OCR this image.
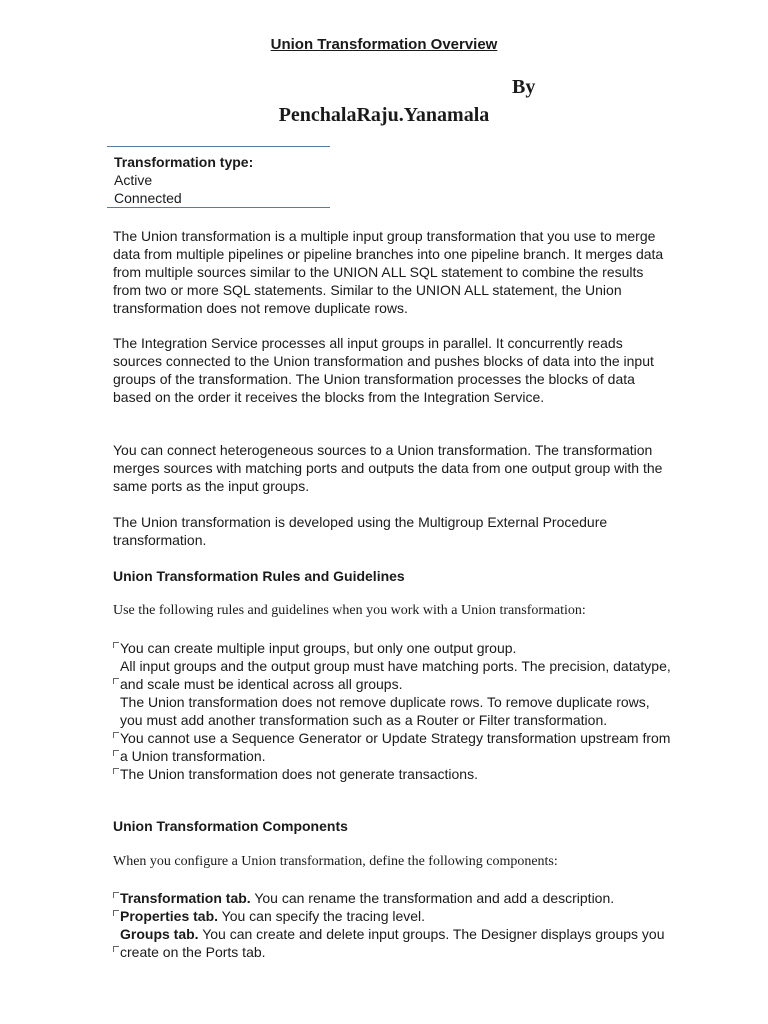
Union Transformation Overview
By
PenchalaRaju.Yanamala
Transformation type:
Active
Connected
The Union transformation is a multiple input group transformation that you use to merge data from multiple pipelines or pipeline branches into one pipeline branch. It merges data from multiple sources similar to the UNION ALL SQL statement to combine the results from two or more SQL statements. Similar to the UNION ALL statement, the Union transformation does not remove duplicate rows.
The Integration Service processes all input groups in parallel. It concurrently reads sources connected to the Union transformation and pushes blocks of data into the input groups of the transformation. The Union transformation processes the blocks of data based on the order it receives the blocks from the Integration Service.
You can connect heterogeneous sources to a Union transformation. The transformation merges sources with matching ports and outputs the data from one output group with the same ports as the input groups.
The Union transformation is developed using the Multigroup External Procedure transformation.
Union Transformation Rules and Guidelines
Use the following rules and guidelines when you work with a Union transformation:
You can create multiple input groups, but only one output group.
All input groups and the output group must have matching ports. The precision, datatype, and scale must be identical across all groups.
The Union transformation does not remove duplicate rows. To remove duplicate rows, you must add another transformation such as a Router or Filter transformation.
You cannot use a Sequence Generator or Update Strategy transformation upstream from a Union transformation.
The Union transformation does not generate transactions.
Union Transformation Components
When you configure a Union transformation, define the following components:
Transformation tab. You can rename the transformation and add a description.
Properties tab. You can specify the tracing level.
Groups tab. You can create and delete input groups. The Designer displays groups you create on the Ports tab.
